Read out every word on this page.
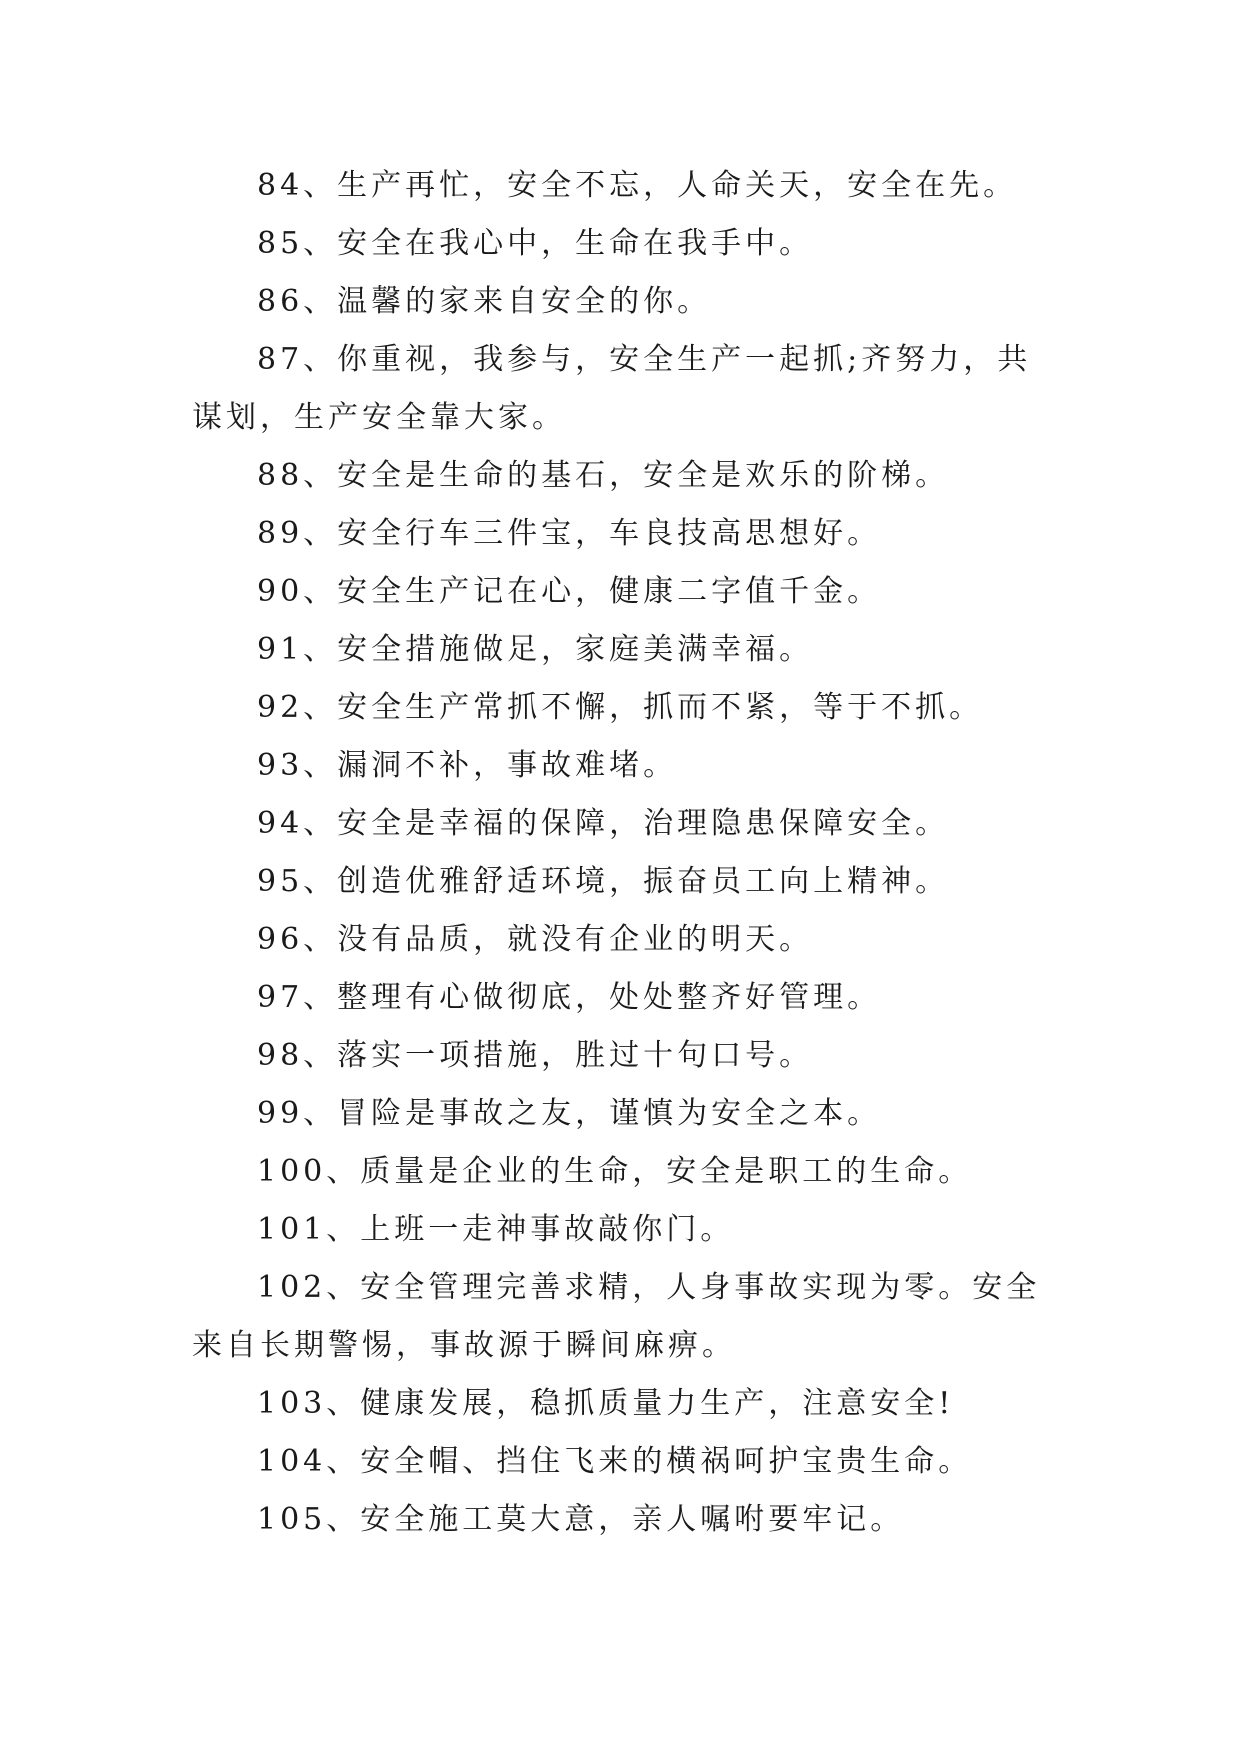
84、生产再忙，安全不忘，人命关天，安全在先。

85、安全在我心中，生命在我手中。

86、温馨的家来自安全的你。

87、你重视，我参与，安全生产一起抓;齐努力，共谋划，生产安全靠大家。

88、安全是生命的基石，安全是欢乐的阶梯。

89、安全行车三件宝，车良技高思想好。

90、安全生产记在心，健康二字值千金。

91、安全措施做足，家庭美满幸福。

92、安全生产常抓不懈，抓而不紧，等于不抓。

93、漏洞不补，事故难堵。

94、安全是幸福的保障，治理隐患保障安全。

95、创造优雅舒适环境，振奋员工向上精神。

96、没有品质，就没有企业的明天。

97、整理有心做彻底，处处整齐好管理。

98、落实一项措施，胜过十句口号。

99、冒险是事故之友，谨慎为安全之本。

100、质量是企业的生命，安全是职工的生命。

101、上班一走神事故敲你门。

102、安全管理完善求精，人身事故实现为零。安全来自长期警惕，事故源于瞬间麻痹。

103、健康发展，稳抓质量力生产，注意安全!

104、安全帽、挡住飞来的横祸呵护宝贵生命。

105、安全施工莫大意，亲人嘱咐要牢记。
